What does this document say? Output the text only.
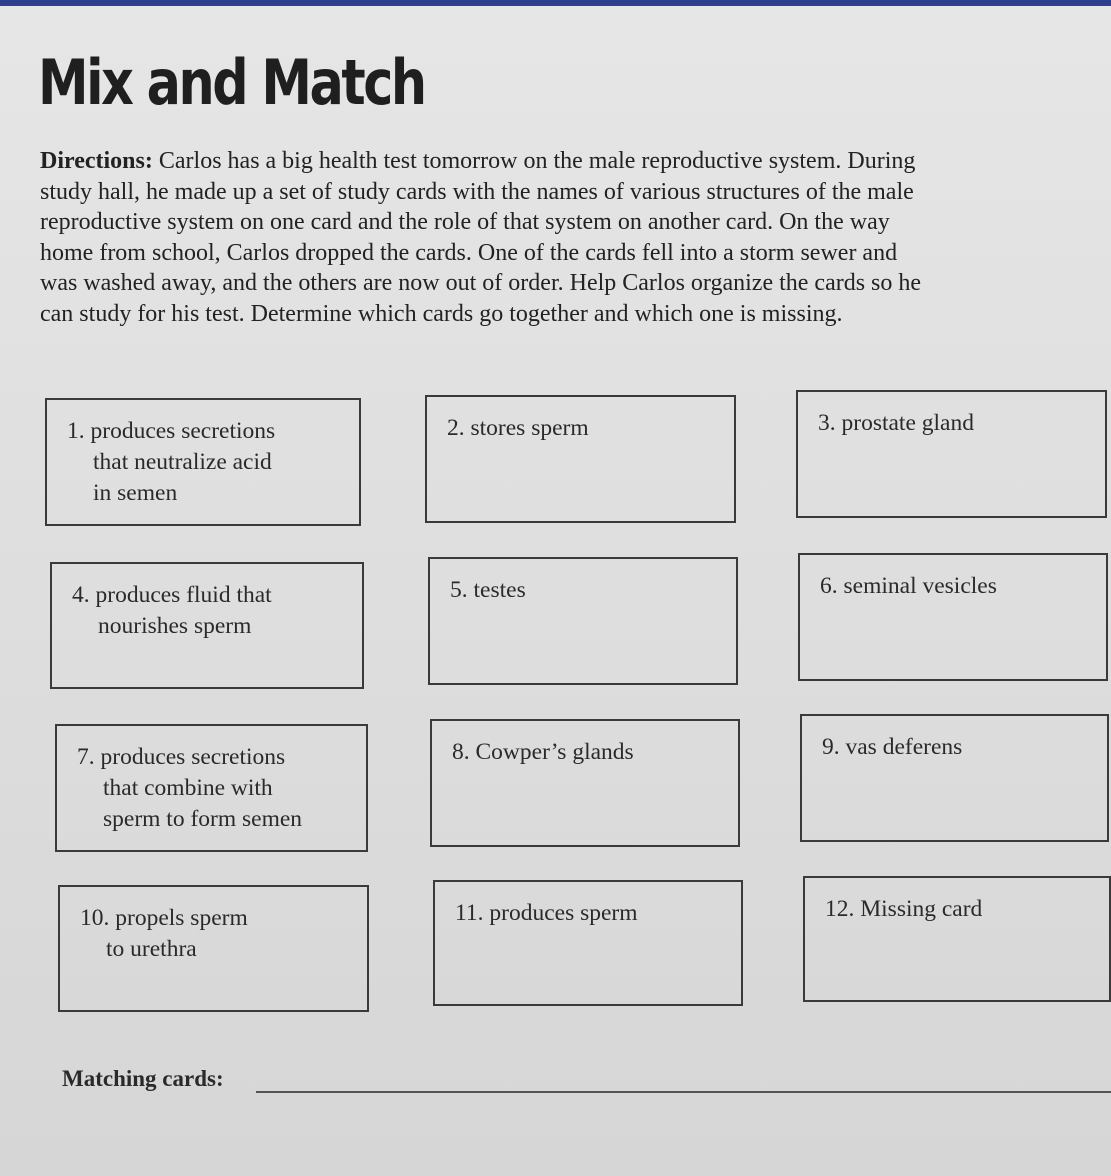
Mix and Match

Directions: Carlos has a big health test tomorrow on the male reproductive system. During study hall, he made up a set of study cards with the names of various structures of the male reproductive system on one card and the role of that system on another card. On the way home from school, Carlos dropped the cards. One of the cards fell into a storm sewer and was washed away, and the others are now out of order. Help Carlos organize the cards so he can study for his test. Determine which cards go together and which one is missing.

1. produces secretions
that neutralize acid
in semen
2. stores sperm	3. prostate gland
4. produces fluid that
nourishes sperm
5. testes	6. seminal vesicles
7. produces secretions
that combine with
sperm to form semen
8. Cowper’s glands	9. vas deferens
10. propels sperm
to urethra
11. produces sperm	12. Missing card
Matching cards:
